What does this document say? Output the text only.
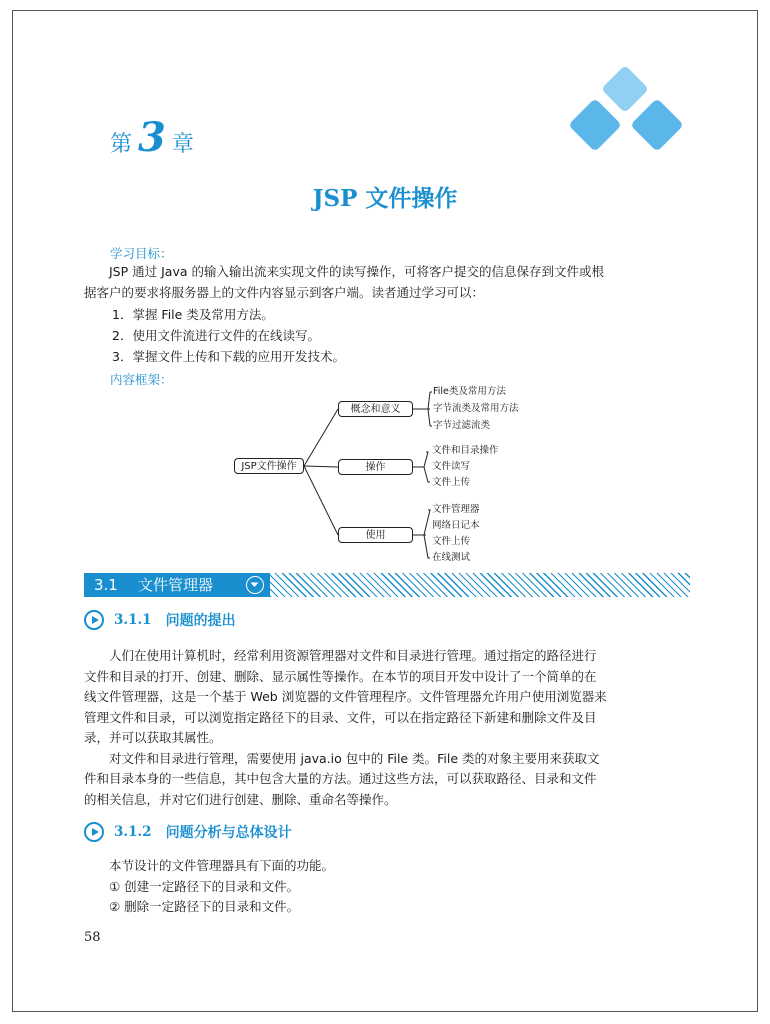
第 3 章
JSP 文件操作
学习目标：

JSP 通过 Java 的输入输出流来实现文件的读写操作，可将客户提交的信息保存到文件或根

据客户的要求将服务器上的文件内容显示到客户端。读者通过学习可以：

1．掌握 File 类及常用方法。
2．使用文件流进行文件的在线读写。
3．掌握文件上传和下载的应用开发技术。
内容框架：
JSP文件操作
概念和意义
操作
使用
File类及常用方法
字节流类及常用方法
字节过滤流类
文件和目录操作
文件读写
文件上传
文件管理器
网络日记本
文件上传
在线测试
3.1 文件管理器
3.1.1 问题的提出

人们在使用计算机时，经常利用资源管理器对文件和目录进行管理。通过指定的路径进行

文件和目录的打开、创建、删除、显示属性等操作。在本节的项目开发中设计了一个简单的在

线文件管理器，这是一个基于 Web 浏览器的文件管理程序。文件管理器允许用户使用浏览器来

管理文件和目录，可以浏览指定路径下的目录、文件，可以在指定路径下新建和删除文件及目

录，并可以获取其属性。

对文件和目录进行管理，需要使用 java.io 包中的 File 类。File 类的对象主要用来获取文

件和目录本身的一些信息，其中包含大量的方法。通过这些方法，可以获取路径、目录和文件

的相关信息，并对它们进行创建、删除、重命名等操作。

3.1.2 问题分析与总体设计

本节设计的文件管理器具有下面的功能。

① 创建一定路径下的目录和文件。

② 删除一定路径下的目录和文件。

58
